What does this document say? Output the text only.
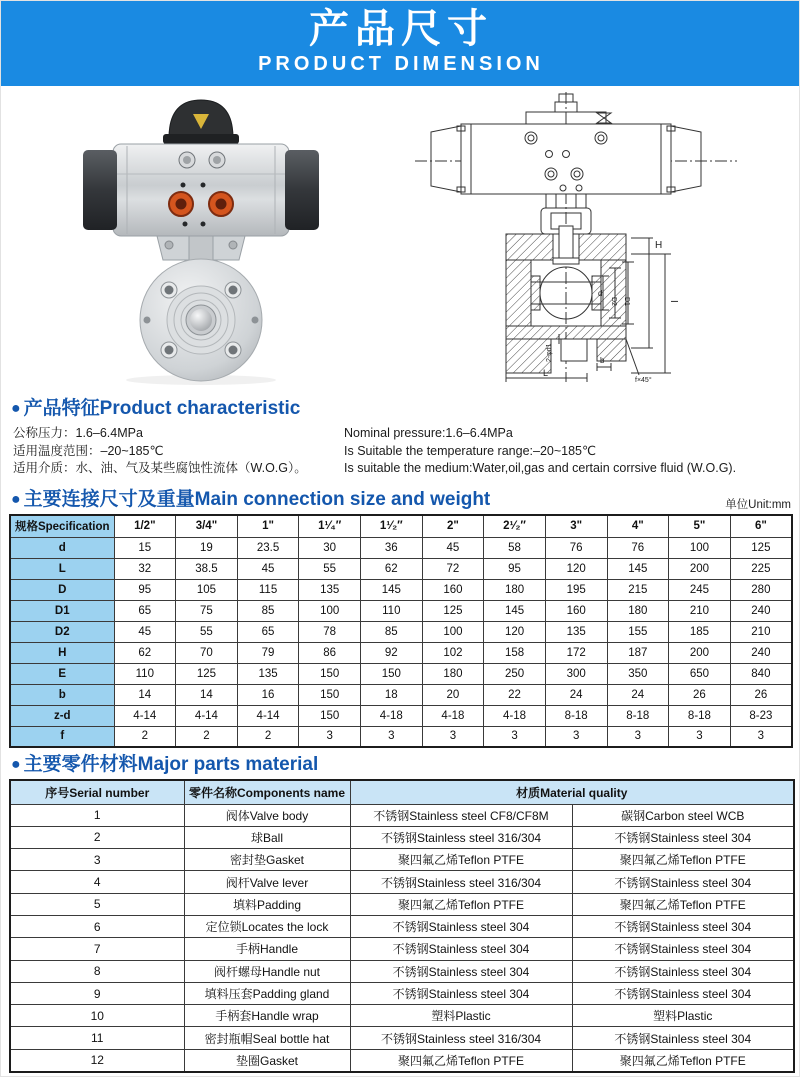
产品尺寸

PRODUCT DIMENSION

H
I
d
D2 D1
L
b
f×45°
2-φd1
● 产品特征Product characteristic

公称压力：1.6–6.4MPa

适用温度范围：–20~185℃

适用介质：水、油、气及某些腐蚀性流体（W.O.G）。

Nominal pressure:1.6–6.4MPa

Is Suitable the temperature range:–20~185℃

Is suitable the medium:Water,oil,gas and certain corrsive fluid (W.O.G).

● 主要连接尺寸及重量Main connection size and weight	单位Unit:mm
规格Specification	1/2"	3/4"	1"	1¹⁄₄″	1¹⁄₂″	2"	2¹⁄₂″	3"	4"	5"	6"
d	15	19	23.5	30	36	45	58	76	76	100	125
L	32	38.5	45	55	62	72	95	120	145	200	225
D	95	105	115	135	145	160	180	195	215	245	280
D1	65	75	85	100	110	125	145	160	180	210	240
D2	45	55	65	78	85	100	120	135	155	185	210
H	62	70	79	86	92	102	158	172	187	200	240
E	110	125	135	150	150	180	250	300	350	650	840
b	14	14	16	150	18	20	22	24	24	26	26
z-d	4-14	4-14	4-14	150	4-18	4-18	4-18	8-18	8-18	8-18	8-23
f	2	2	2	3	3	3	3	3	3	3	3
● 主要零件材料Major parts material
序号Serial number	零件名称Components name	材质Material quality	
1	阀体Valve body	不锈钢Stainless steel CF8/CF8M	碳钢Carbon steel WCB
2	球Ball	不锈钢Stainless steel 316/304	不锈钢Stainless steel 304
3	密封垫Gasket	聚四氟乙烯Teflon PTFE	聚四氟乙烯Teflon PTFE
4	阀杆Valve lever	不锈钢Stainless steel 316/304	不锈钢Stainless steel 304
5	填料Padding	聚四氟乙烯Teflon PTFE	聚四氟乙烯Teflon PTFE
6	定位锁Locates the lock	不锈钢Stainless steel 304	不锈钢Stainless steel 304
7	手柄Handle	不锈钢Stainless steel 304	不锈钢Stainless steel 304
8	阀杆螺母Handle nut	不锈钢Stainless steel 304	不锈钢Stainless steel 304
9	填料压套Padding gland	不锈钢Stainless steel 304	不锈钢Stainless steel 304
10	手柄套Handle wrap	塑料Plastic	塑料Plastic
11	密封瓶帽Seal bottle hat	不锈钢Stainless steel 316/304	不锈钢Stainless steel 304
12	垫圈Gasket	聚四氟乙烯Teflon PTFE	聚四氟乙烯Teflon PTFE
